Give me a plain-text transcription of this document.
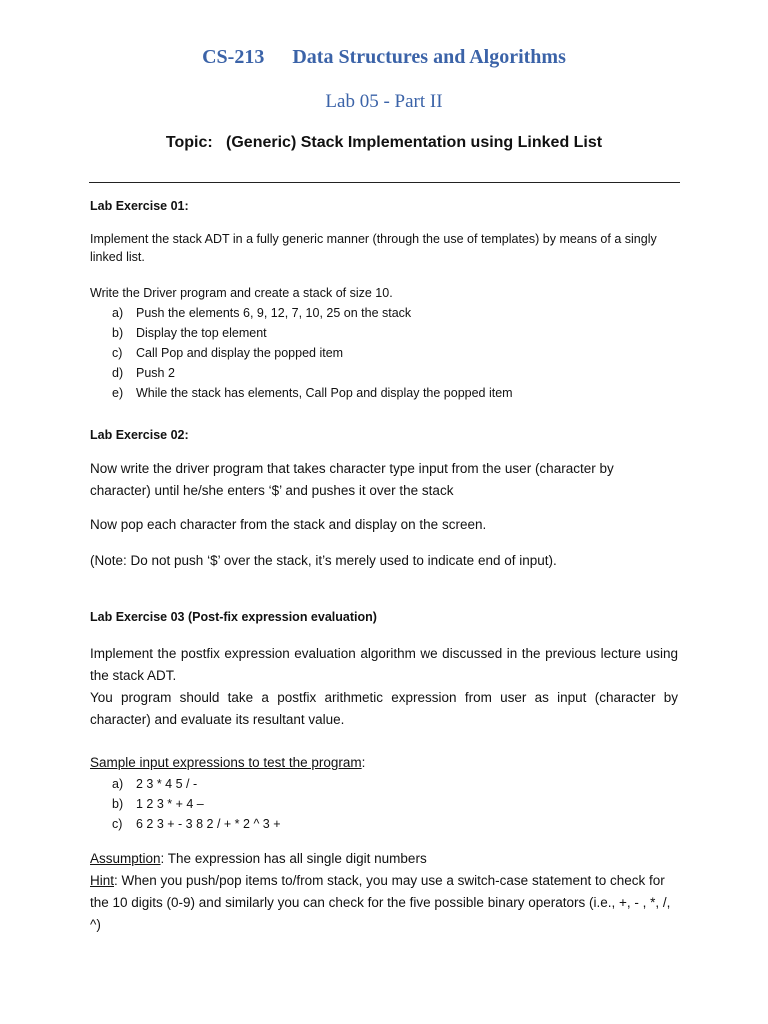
CS-213 Data Structures and Algorithms
Lab 05 - Part II
Topic:   (Generic) Stack Implementation using Linked List
Lab Exercise 01:
Implement the stack ADT in a fully generic manner (through the use of templates) by means of a singly linked list.
Write the Driver program and create a stack of size 10.
a) Push the elements 6, 9, 12, 7, 10, 25 on the stack
b) Display the top element
c) Call Pop and display the popped item
d) Push 2
e) While the stack has elements, Call Pop and display the popped item
Lab Exercise 02:
Now write the driver program that takes character type input from the user (character by character) until he/she enters ‘$’ and pushes it over the stack
Now pop each character from the stack and display on the screen.
(Note: Do not push ‘$’ over the stack, it’s merely used to indicate end of input).
Lab Exercise 03 (Post-fix expression evaluation)
Implement the postfix expression evaluation algorithm we discussed in the previous lecture using the stack ADT.
You program should take a postfix arithmetic expression from user as input (character by character) and evaluate its resultant value.
Sample input expressions to test the program:
a) 2 3 * 4 5 / -
b) 1 2 3 * + 4 –
c) 6 2 3 + - 3 8 2 / + * 2 ^ 3 +
Assumption: The expression has all single digit numbers
Hint: When you push/pop items to/from stack, you may use a switch-case statement to check for the 10 digits (0-9) and similarly you can check for the five possible binary operators (i.e., +, - , *, /, ^)
